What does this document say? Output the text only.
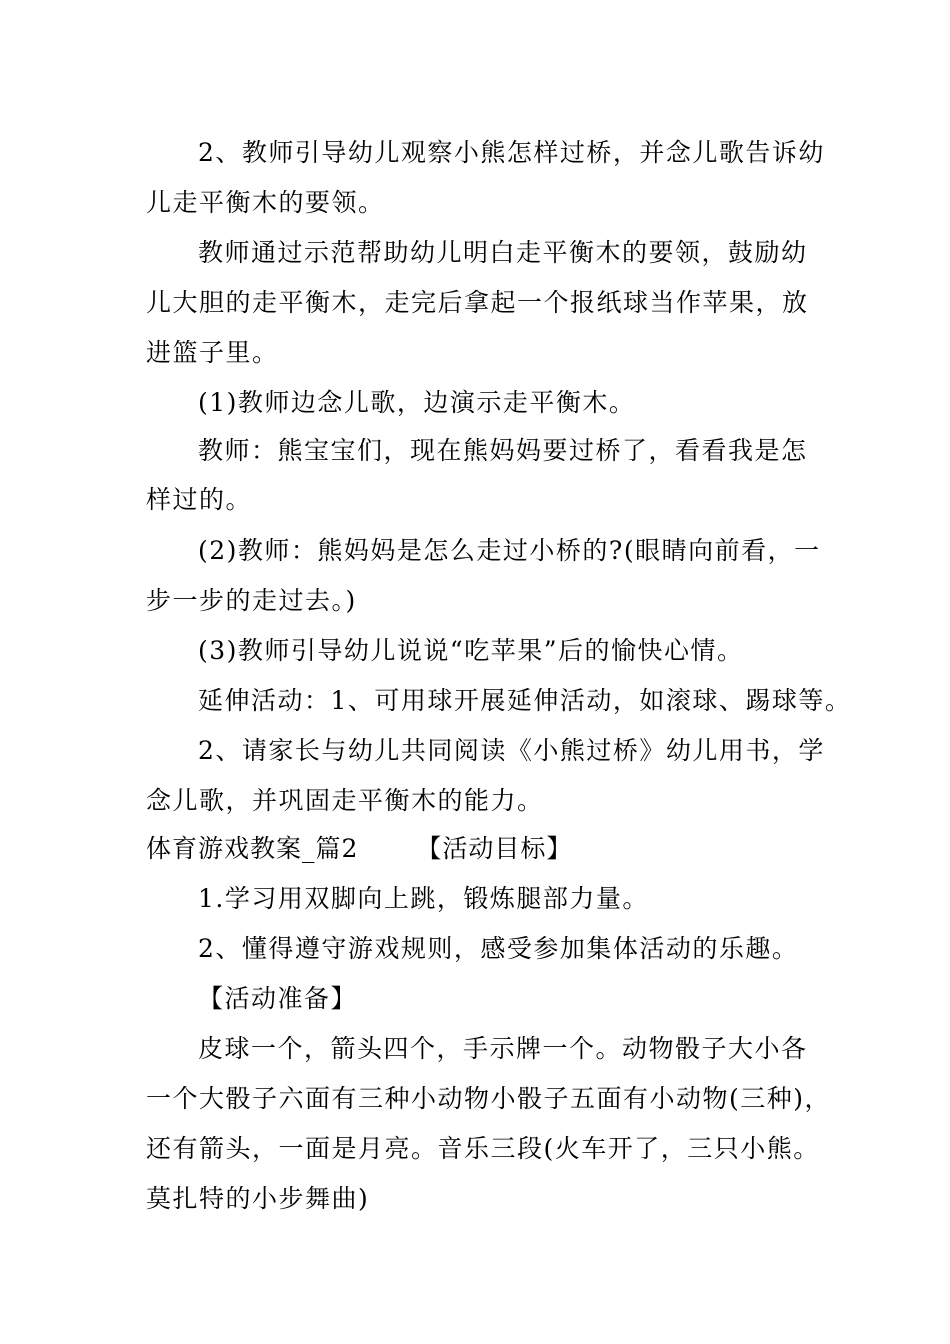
2、教师引导幼儿观察小熊怎样过桥，并念儿歌告诉幼
儿走平衡木的要领。
教师通过示范帮助幼儿明白走平衡木的要领，鼓励幼
儿大胆的走平衡木，走完后拿起一个报纸球当作苹果，放
进篮子里。
(1)教师边念儿歌，边演示走平衡木。
教师：熊宝宝们，现在熊妈妈要过桥了，看看我是怎
样过的。
(2)教师：熊妈妈是怎么走过小桥的?(眼睛向前看，一
步一步的走过去。)
(3)教师引导幼儿说说“吃苹果”后的愉快心情。
延伸活动：1、可用球开展延伸活动，如滚球、踢球等。
2、请家长与幼儿共同阅读《小熊过桥》幼儿用书，学
念儿歌，并巩固走平衡木的能力。
体育游戏教案_篇2 【活动目标】
1.学习用双脚向上跳，锻炼腿部力量。
2、懂得遵守游戏规则，感受参加集体活动的乐趣。
【活动准备】
皮球一个，箭头四个，手示牌一个。动物骰子大小各
一个大骰子六面有三种小动物小骰子五面有小动物(三种)，
还有箭头，一面是月亮。音乐三段(火车开了，三只小熊。
莫扎特的小步舞曲)
